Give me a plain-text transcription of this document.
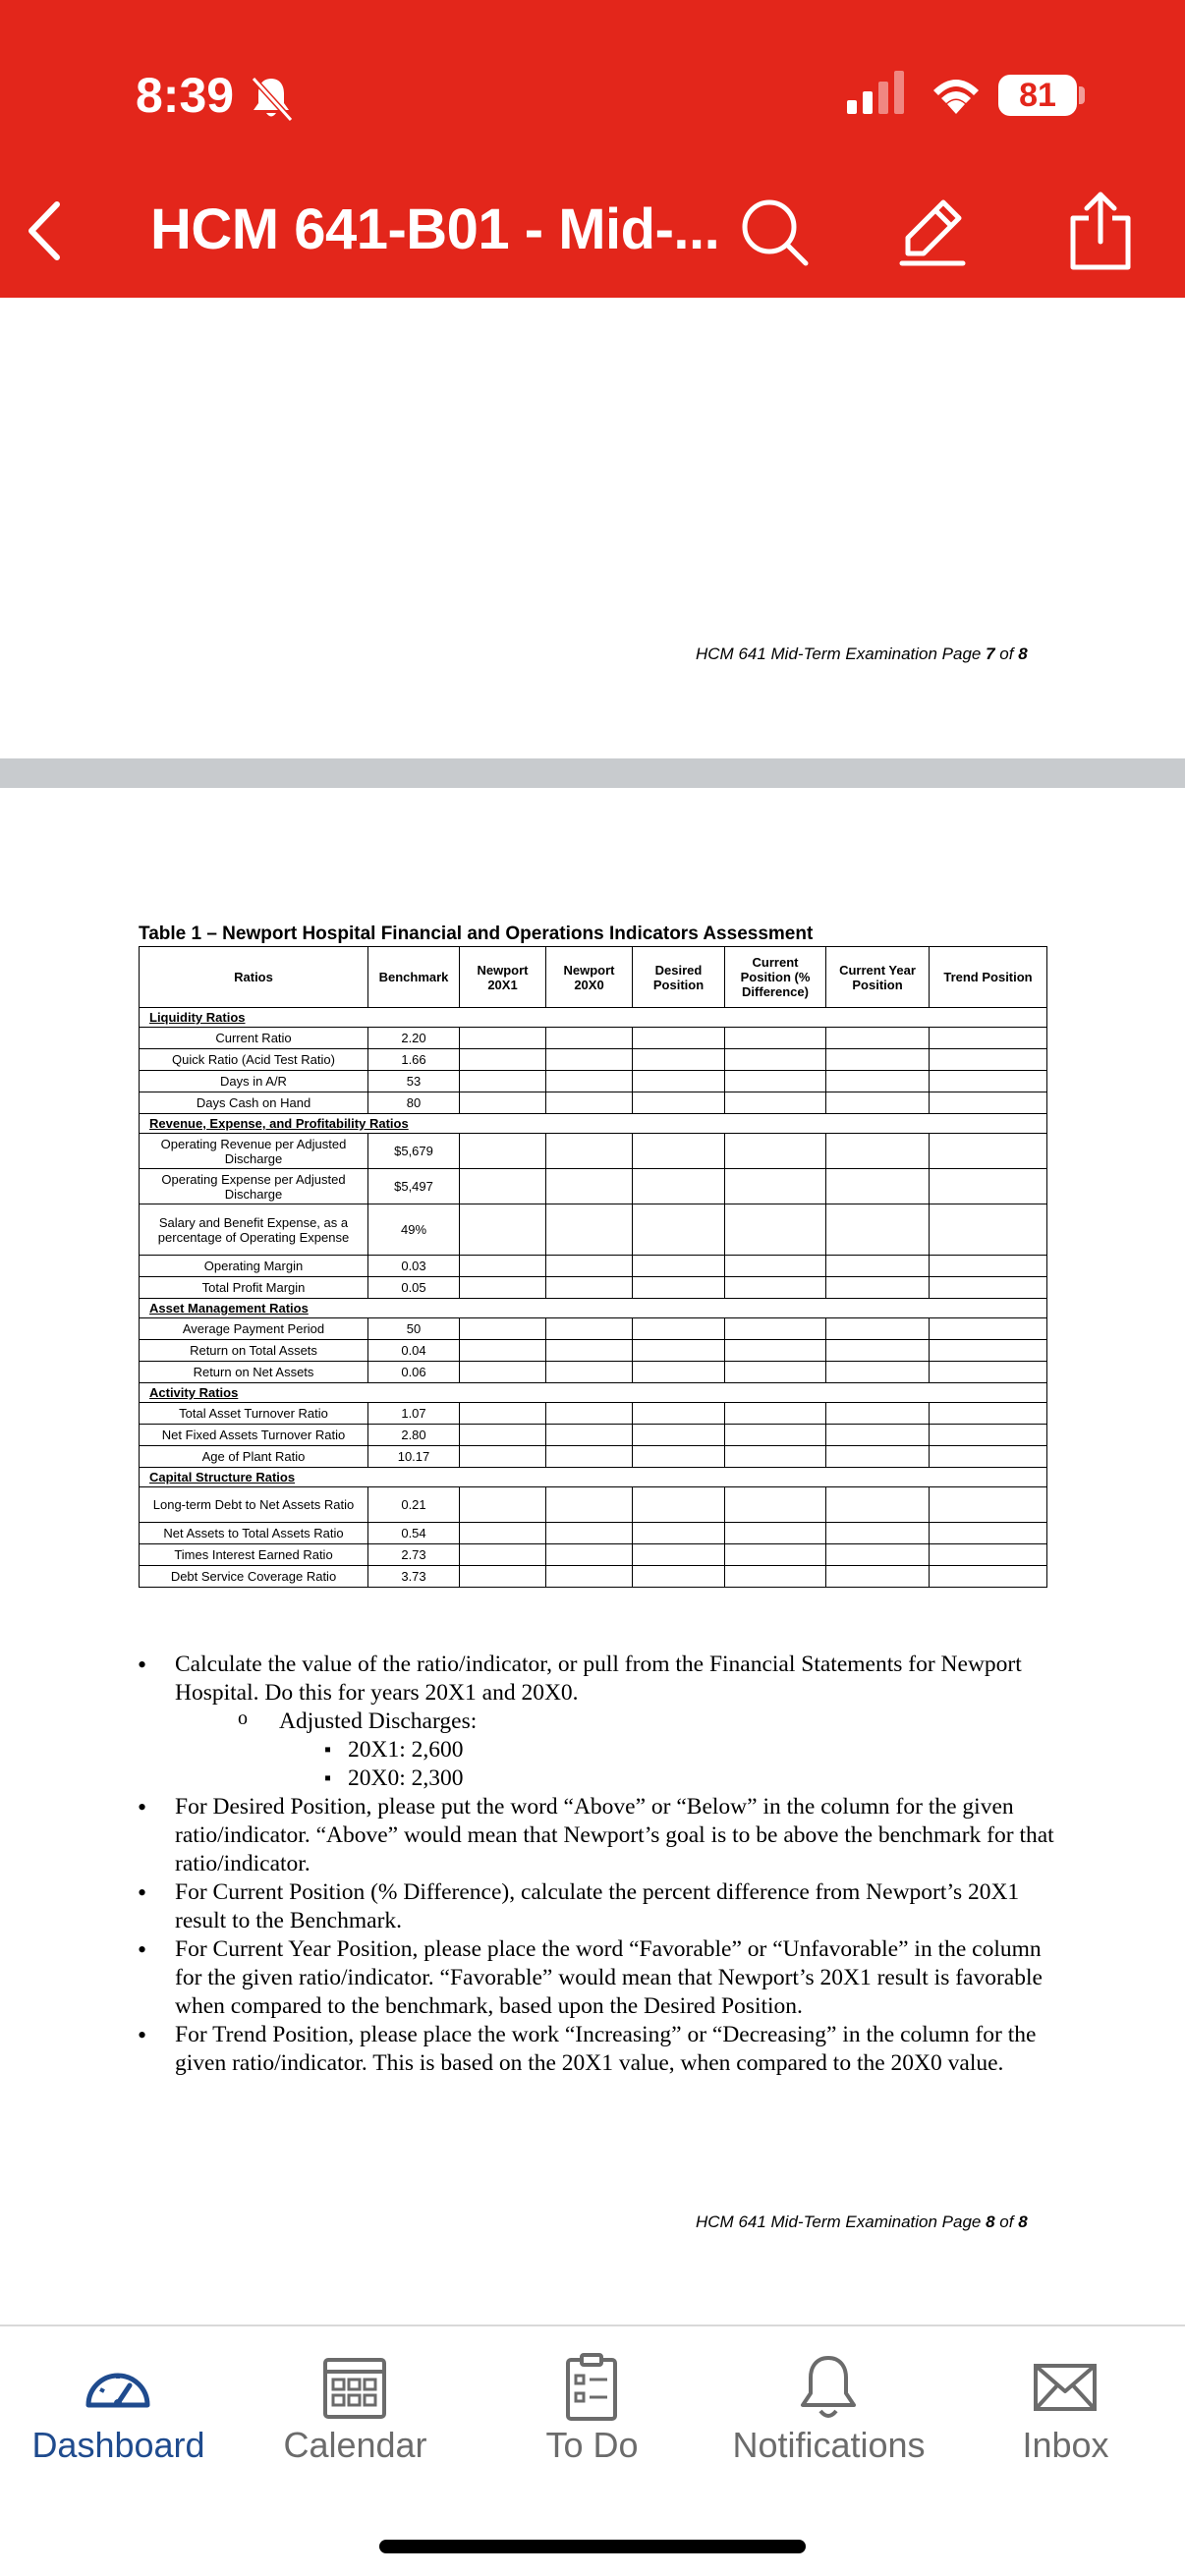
8:39	81
HCM 641-B01 - Mid-...
HCM 641 Mid-Term Examination Page 7 of 8
Table 1 – Newport Hospital Financial and Operations Indicators Assessment
Ratios	Benchmark	Newport 20X1	Newport 20X0	Desired Position	Current Position (% Difference)	Current Year Position	Trend Position
Liquidity Ratios							
Current Ratio	2.20						
Quick Ratio (Acid Test Ratio)	1.66						
Days in A/R	53						
Days Cash on Hand	80						
Revenue, Expense, and Profitability Ratios							
Operating Revenue per Adjusted Discharge	$5,679						
Operating Expense per Adjusted Discharge	$5,497						
Salary and Benefit Expense, as a percentage of Operating Expense	49%						
Operating Margin	0.03						
Total Profit Margin	0.05						
Asset Management Ratios							
Average Payment Period	50						
Return on Total Assets	0.04						
Return on Net Assets	0.06						
Activity Ratios							
Total Asset Turnover Ratio	1.07						
Net Fixed Assets Turnover Ratio	2.80						
Age of Plant Ratio	10.17						
Capital Structure Ratios							
Long-term Debt to Net Assets Ratio	0.21						
Net Assets to Total Assets Ratio	0.54						
Times Interest Earned Ratio	2.73						
Debt Service Coverage Ratio	3.73						
• Calculate the value of the ratio/indicator, or pull from the Financial Statements for Newport Hospital. Do this for years 20X1 and 20X0.
o Adjusted Discharges:
▪ 20X1: 2,600
▪ 20X0: 2,300
• For Desired Position, please put the word “Above” or “Below” in the column for the given ratio/indicator. “Above” would mean that Newport’s goal is to be above the benchmark for that ratio/indicator.
• For Current Position (% Difference), calculate the percent difference from Newport’s 20X1 result to the Benchmark.
• For Current Year Position, please place the word “Favorable” or “Unfavorable” in the column for the given ratio/indicator. “Favorable” would mean that Newport’s 20X1 result is favorable when compared to the benchmark, based upon the Desired Position.
• For Trend Position, please place the work “Increasing” or “Decreasing” in the column for the given ratio/indicator. This is based on the 20X1 value, when compared to the 20X0 value.
HCM 641 Mid-Term Examination Page 8 of 8
Dashboard	Calendar	To Do	Notifications	Inbox
